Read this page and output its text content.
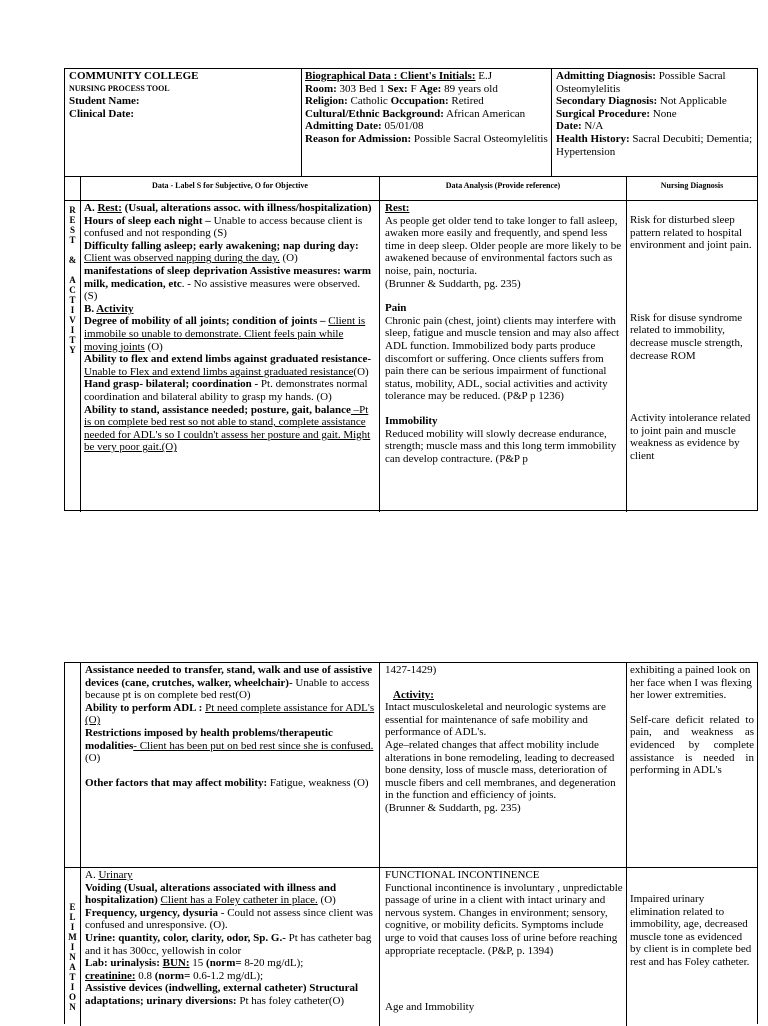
COMMUNITY COLLEGE

NURSING PROCESS TOOL

Student Name:

Clinical Date:

Biographical Data : Client's Initials: E.J

Room: 303 Bed 1 Sex: F Age: 89 years old

Religion: Catholic Occupation: Retired

Cultural/Ethnic Background: African American

Admitting Date: 05/01/08

Reason for Admission: Possible Sacral Osteomylelitis

Admitting Diagnosis: Possible Sacral Osteomylelitis

Secondary Diagnosis: Not Applicable

Surgical Procedure: None

Date: N/A

Health History: Sacral Decubiti; Dementia; Hypertension

Data - Label S for Subjective, O for Objective	Data Analysis (Provide reference)	Nursing Diagnosis
R
E
S
T
&
A
C
T
I
V
I
T
Y

A. Rest: (Usual, alterations assoc. with illness/hospitalization)

Hours of sleep each night – Unable to access because client is confused and not responding (S)

Difficulty falling asleep; early awakening; nap during day: Client was observed napping during the day. (O)

manifestations of sleep deprivation Assistive measures: warm milk, medication, etc. - No assistive measures were observed. (S)

B. Activity

Degree of mobility of all joints; condition of joints – Client is immobile so unable to demonstrate. Client feels pain while moving joints (O)

Ability to flex and extend limbs against graduated resistance- Unable to Flex and extend limbs against graduated resistance(O)

Hand grasp- bilateral; coordination - Pt. demonstrates normal coordination and bilateral ability to grasp my hands. (O)

Ability to stand, assistance needed; posture, gait, balance –Pt is on complete bed rest so not able to stand, complete assistance needed for ADL's so I couldn't assess her posture and gait. Might be very poor gait.(O)

Rest:

As people get older tend to take longer to fall asleep, awaken more easily and frequently, and spend less time in deep sleep. Older people are more likely to be awakened because of environmental factors such as noise, pain, nocturia.

(Brunner & Suddarth, pg. 235)

Pain

Chronic pain (chest, joint) clients may interfere with sleep, fatigue and muscle tension and may also affect ADL function. Immobilized body parts produce discomfort or suffering. Once clients suffers from pain there can be serious impairment of functional status, mobility, ADL, social activities and activity tolerance may be reduced. (P&P p 1236)

Immobility

Reduced mobility will slowly decrease endurance, strength; muscle mass and this long term immobility can develop contracture. (P&P p

Risk for disturbed sleep pattern related to hospital environment and joint pain.

Risk for disuse syndrome related to immobility, decrease muscle strength, decrease ROM

Activity intolerance related to joint pain and muscle weakness as evidence by client

Assistance needed to transfer, stand, walk and use of assistive devices (cane, crutches, walker, wheelchair)- Unable to access because pt is on complete bed rest(O)

Ability to perform ADL : Pt need complete assistance for ADL's (O)

Restrictions imposed by health problems/therapeutic modalities- Client has been put on bed rest since she is confused. (O)

Other factors that may affect mobility: Fatigue, weakness (O)

1427-1429)

Activity:

Intact musculoskeletal and neurologic systems are essential for maintenance of safe mobility and performance of ADL's.

Age–related changes that affect mobility include alterations in bone remodeling, leading to decreased bone density, loss of muscle mass, deterioration of muscle fibers and cell membranes, and degeneration in the function and efficiency of joints.

(Brunner & Suddarth, pg. 235)

exhibiting a pained look on her face when I was flexing her lower extremities.

Self-care deficit related to pain, and weakness as evidenced by complete assistance is needed in performing in ADL's

E
L
I
M
I
N
A
T
I
O
N

A. Urinary

Voiding (Usual, alterations associated with illness and hospitalization) Client has a Foley catheter in place. (O)

Frequency, urgency, dysuria - Could not assess since client was confused and unresponsive. (O).

Urine: quantity, color, clarity, odor, Sp. G.- Pt has catheter bag and it has 300cc, yellowish in color

Lab: urinalysis: BUN: 15 (norm= 8-20 mg/dL);

creatinine: 0.8 (norm= 0.6-1.2 mg/dL);

Assistive devices (indwelling, external catheter) Structural adaptations; urinary diversions: Pt has foley catheter(O)

FUNCTIONAL INCONTINENCE

Functional incontinence is involuntary , unpredictable passage of urine in a client with intact urinary and nervous system. Changes in environment; sensory, cognitive, or mobility deficits. Symptoms include urge to void that causes loss of urine before reaching appropriate receptacle. (P&P, p. 1394)

Age and Immobility

Impaired urinary elimination related to immobility, age, decreased muscle tone as evidenced by client is in complete bed rest and has Foley catheter.
